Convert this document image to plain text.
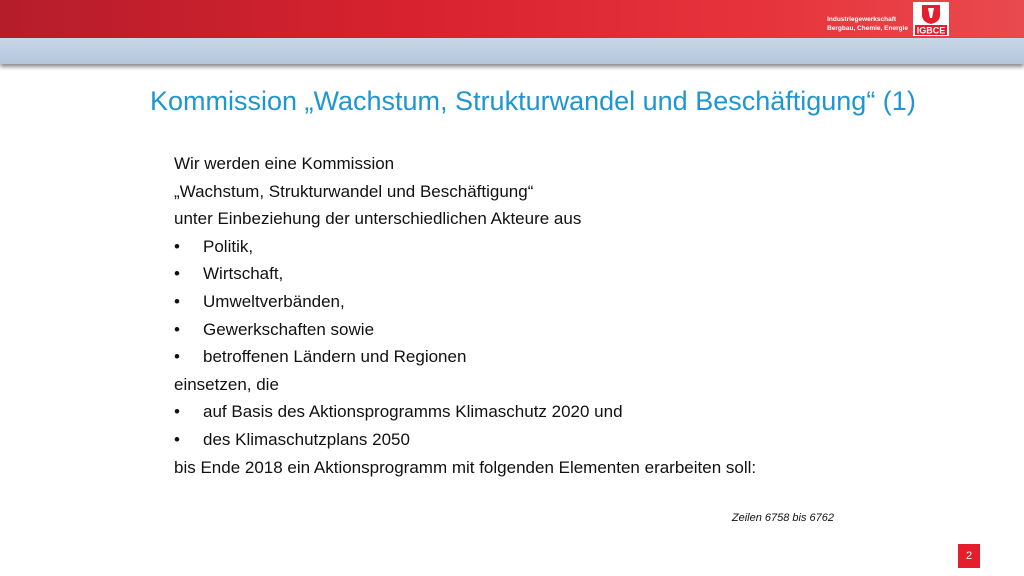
Industriegewerkschaft
Bergbau, Chemie, Energie IGBCE
Kommission „Wachstum, Strukturwandel und Beschäftigung“ (1)
Wir werden eine Kommission
„Wachstum, Strukturwandel und Beschäftigung“
unter Einbeziehung der unterschiedlichen Akteure aus
•	Politik,
•	Wirtschaft,
•	Umweltverbänden,
•	Gewerkschaften sowie
•	betroffenen Ländern und Regionen
einsetzen, die
•	auf Basis des Aktionsprogramms Klimaschutz 2020 und
•	des Klimaschutzplans 2050
bis Ende 2018 ein Aktionsprogramm mit folgenden Elementen erarbeiten soll:
Zeilen 6758 bis 6762
2
